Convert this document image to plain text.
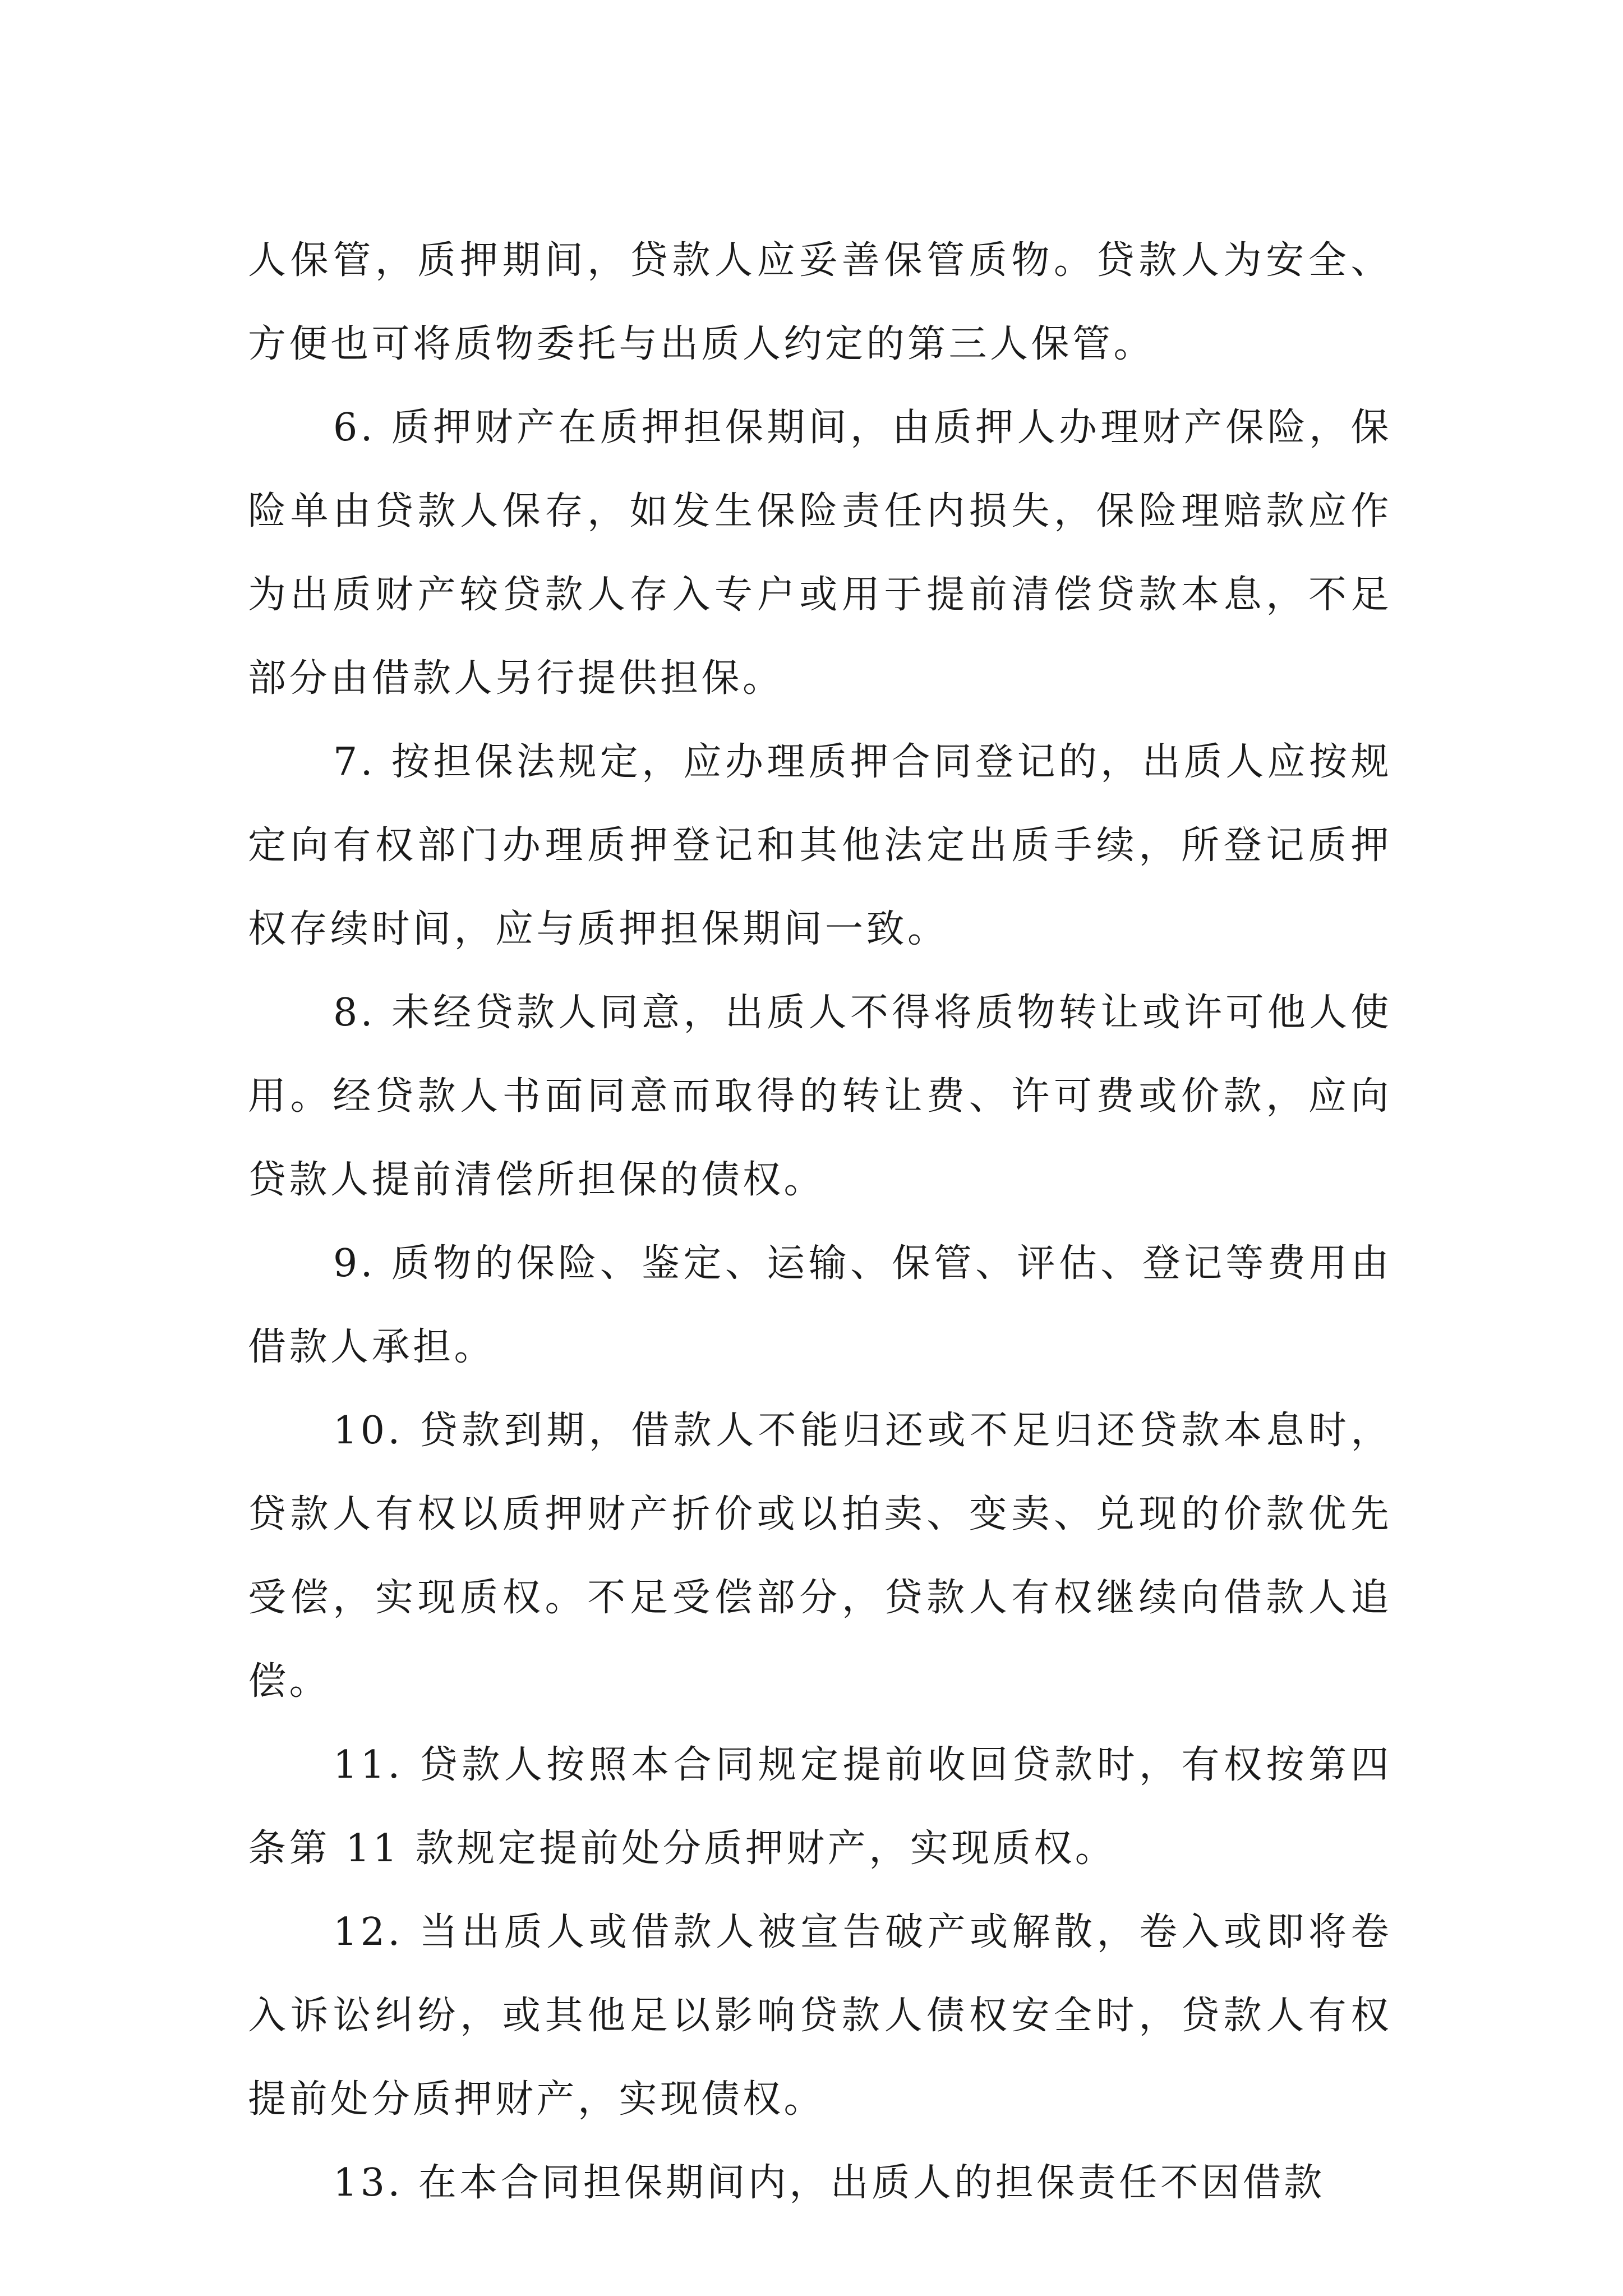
人保管，质押期间，贷款人应妥善保管质物。贷款人为安全、方便也可将质物委托与出质人约定的第三人保管。

6. 质押财产在质押担保期间，由质押人办理财产保险，保险单由贷款人保存，如发生保险责任内损失，保险理赔款应作为出质财产较贷款人存入专户或用于提前清偿贷款本息，不足部分由借款人另行提供担保。

7. 按担保法规定，应办理质押合同登记的，出质人应按规定向有权部门办理质押登记和其他法定出质手续，所登记质押权存续时间，应与质押担保期间一致。

8. 未经贷款人同意，出质人不得将质物转让或许可他人使用。经贷款人书面同意而取得的转让费、许可费或价款，应向贷款人提前清偿所担保的债权。

9. 质物的保险、鉴定、运输、保管、评估、登记等费用由借款人承担。

10. 贷款到期，借款人不能归还或不足归还贷款本息时，贷款人有权以质押财产折价或以拍卖、变卖、兑现的价款优先受偿，实现质权。不足受偿部分，贷款人有权继续向借款人追偿。

11. 贷款人按照本合同规定提前收回贷款时，有权按第四条第 11 款规定提前处分质押财产，实现质权。

12. 当出质人或借款人被宣告破产或解散，卷入或即将卷入诉讼纠纷，或其他足以影响贷款人债权安全时，贷款人有权提前处分质押财产，实现债权。

13. 在本合同担保期间内，出质人的担保责任不因借款
